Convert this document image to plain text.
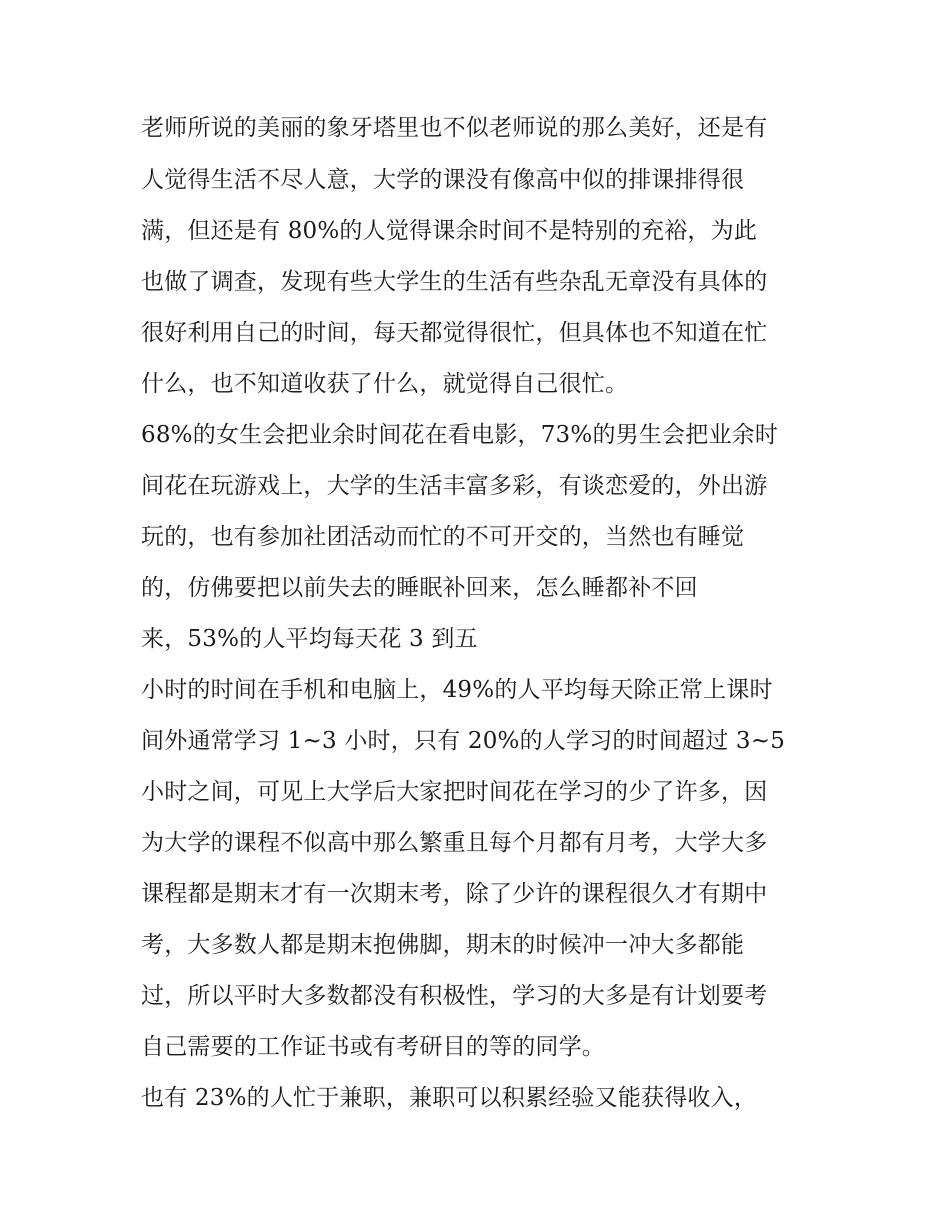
老师所说的美丽的象牙塔里也不似老师说的那么美好，还是有
人觉得生活不尽人意，大学的课没有像高中似的排课排得很
满，但还是有 80%的人觉得课余时间不是特别的充裕，为此
也做了调查，发现有些大学生的生活有些杂乱无章没有具体的
很好利用自己的时间，每天都觉得很忙，但具体也不知道在忙
什么，也不知道收获了什么，就觉得自己很忙。
68%的女生会把业余时间花在看电影，73%的男生会把业余时
间花在玩游戏上，大学的生活丰富多彩，有谈恋爱的，外出游
玩的，也有参加社团活动而忙的不可开交的，当然也有睡觉
的，仿佛要把以前失去的睡眠补回来，怎么睡都补不回
来，53%的人平均每天花 3 到五
小时的时间在手机和电脑上，49%的人平均每天除正常上课时
间外通常学习 1~3 小时，只有 20%的人学习的时间超过 3~5
小时之间，可见上大学后大家把时间花在学习的少了许多，因
为大学的课程不似高中那么繁重且每个月都有月考，大学大多
课程都是期末才有一次期末考，除了少许的课程很久才有期中
考，大多数人都是期末抱佛脚，期末的时候冲一冲大多都能
过，所以平时大多数都没有积极性，学习的大多是有计划要考
自己需要的工作证书或有考研目的等的同学。
也有 23%的人忙于兼职，兼职可以积累经验又能获得收入，
